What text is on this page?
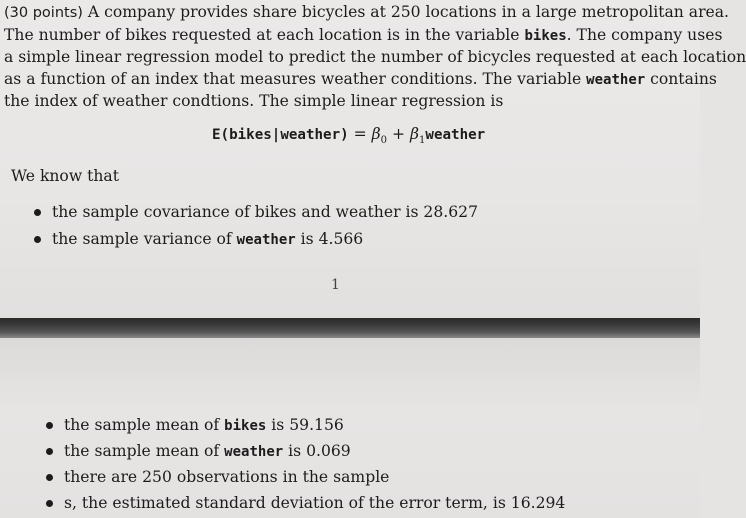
(30 points) A company provides share bicycles at 250 locations in a large metropolitan area.
The number of bikes requested at each location is in the variable bikes. The company uses
a simple linear regression model to predict the number of bicycles requested at each location
as a function of an index that measures weather conditions. The variable weather contains
the index of weather condtions. The simple linear regression is
E(bikes|weather) = $\beta_0$ + $\beta_1weather$
We know that
the sample covariance of bikes and weather is 28.627
the sample variance of weather is 4.566
1
the sample mean of bikes is 59.156
the sample mean of weather is 0.069
there are 250 observations in the sample
s, the estimated standard deviation of the error term, is 16.294
